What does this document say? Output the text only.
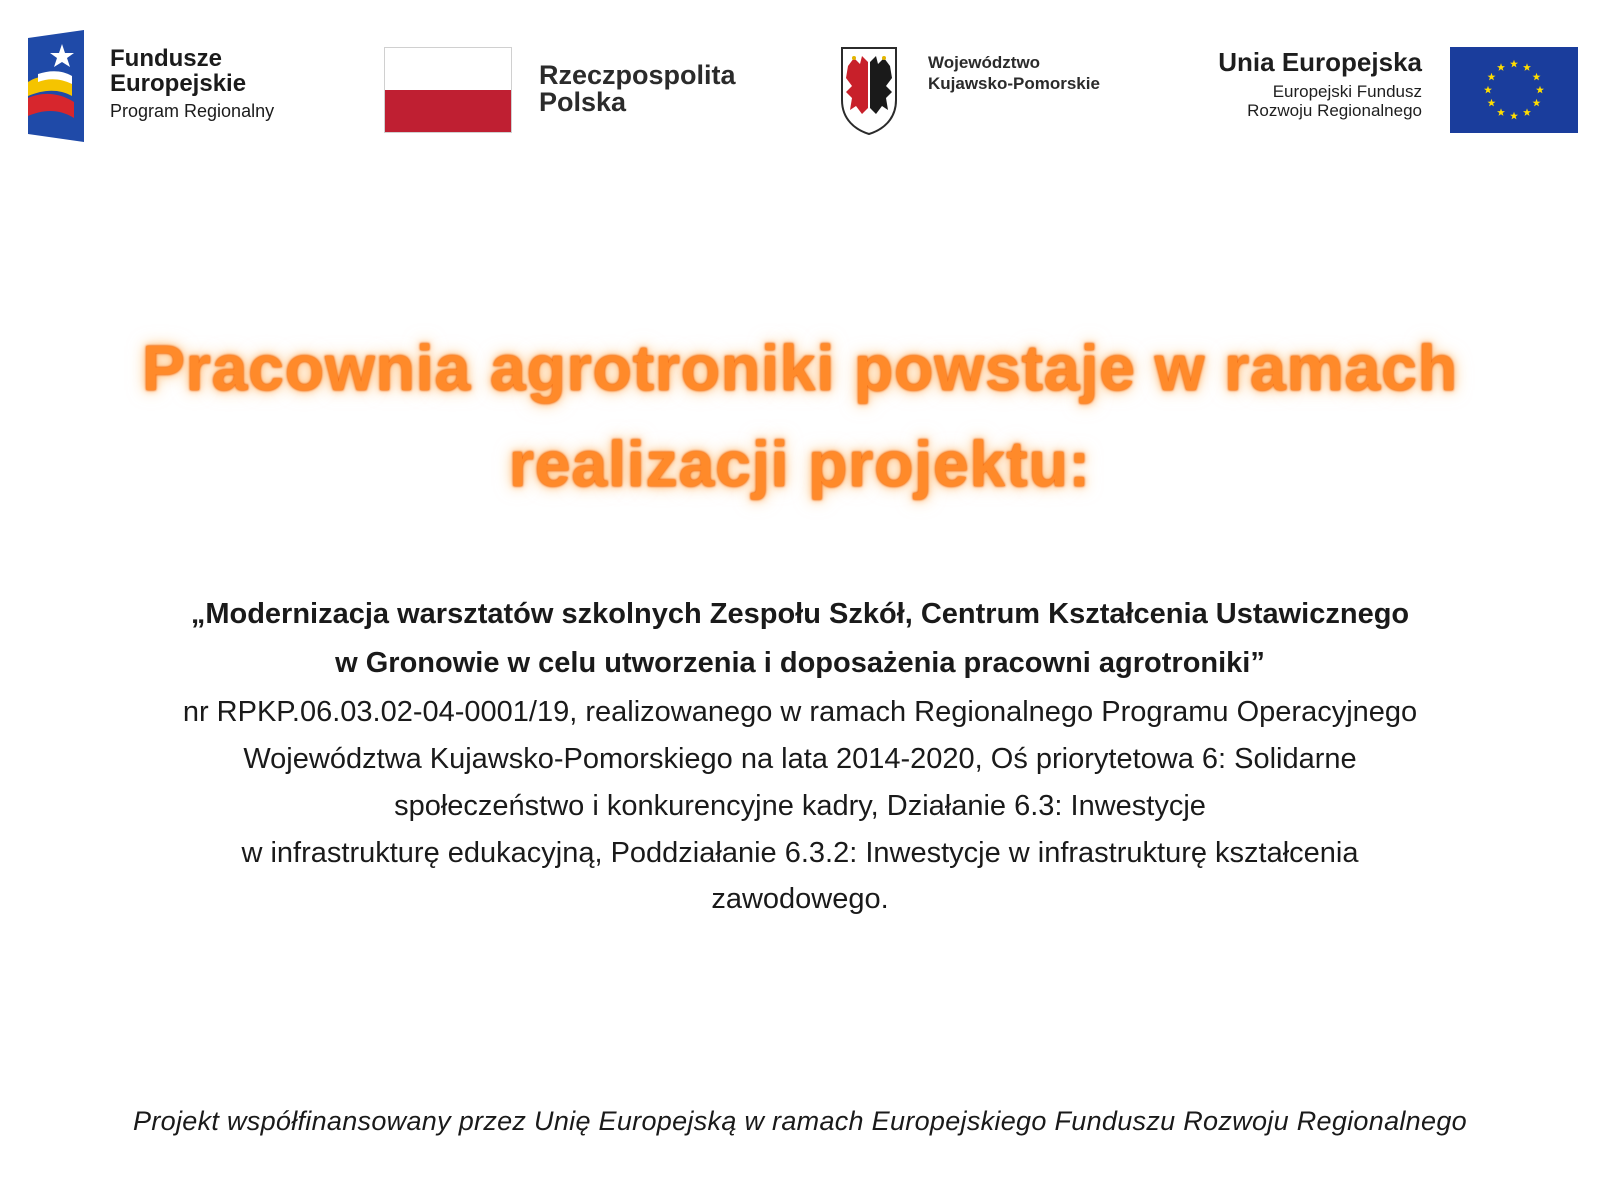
Fundusze
Europejskie
Program Regionalny
Rzeczpospolita
Polska
Województwo
Kujawsko-Pomorskie
Unia Europejska
Europejski Fundusz
Rozwoju Regionalnego
Pracownia agrotroniki powstaje w ramach
realizacji projektu:
„Modernizacja warsztatów szkolnych Zespołu Szkół, Centrum Kształcenia Ustawicznego
w Gronowie w celu utworzenia i doposażenia pracowni agrotroniki”
nr RPKP.06.03.02-04-0001/19, realizowanego w ramach Regionalnego Programu Operacyjnego
Województwa Kujawsko-Pomorskiego na lata 2014-2020, Oś priorytetowa 6: Solidarne
społeczeństwo i konkurencyjne kadry, Działanie 6.3: Inwestycje
w infrastrukturę edukacyjną, Poddziałanie 6.3.2: Inwestycje w infrastrukturę kształcenia
zawodowego.
Projekt współfinansowany przez Unię Europejską w ramach Europejskiego Funduszu Rozwoju Regionalnego
